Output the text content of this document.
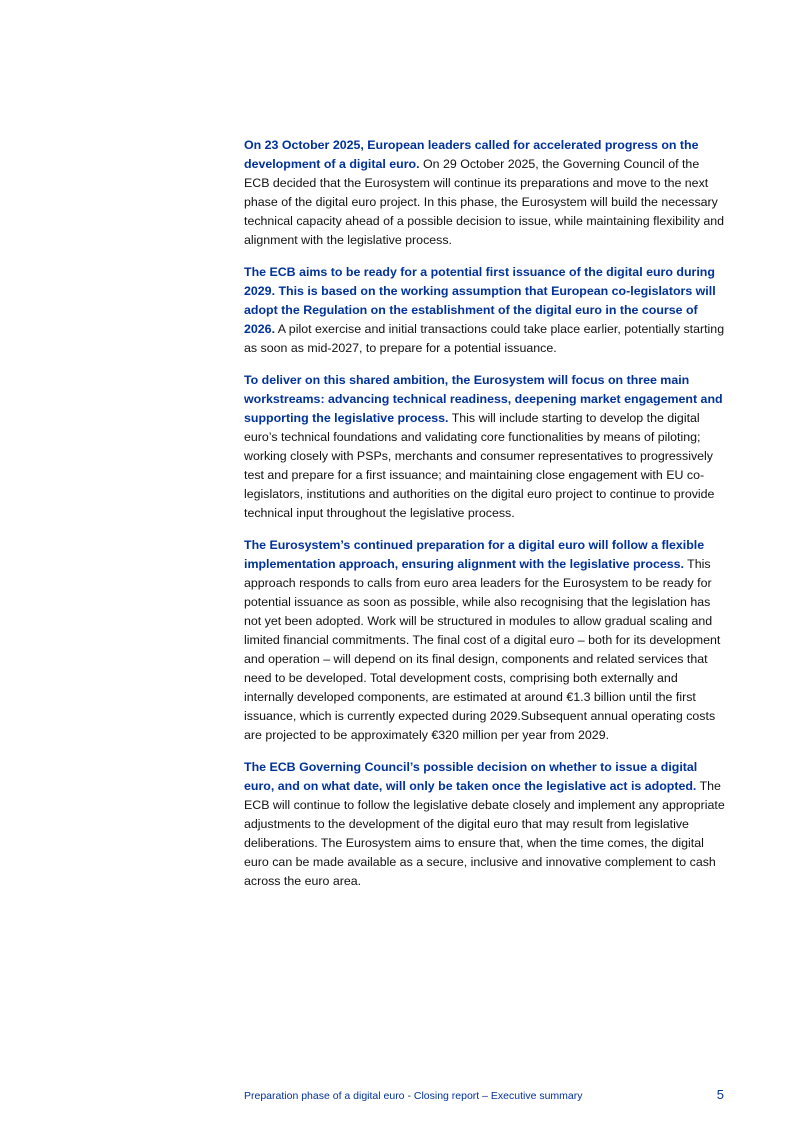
On 23 October 2025, European leaders called for accelerated progress on the development of a digital euro. On 29 October 2025, the Governing Council of the ECB decided that the Eurosystem will continue its preparations and move to the next phase of the digital euro project. In this phase, the Eurosystem will build the necessary technical capacity ahead of a possible decision to issue, while maintaining flexibility and alignment with the legislative process.

The ECB aims to be ready for a potential first issuance of the digital euro during 2029. This is based on the working assumption that European co-legislators will adopt the Regulation on the establishment of the digital euro in the course of 2026. A pilot exercise and initial transactions could take place earlier, potentially starting as soon as mid-2027, to prepare for a potential issuance.

To deliver on this shared ambition, the Eurosystem will focus on three main workstreams: advancing technical readiness, deepening market engagement and supporting the legislative process. This will include starting to develop the digital euro’s technical foundations and validating core functionalities by means of piloting; working closely with PSPs, merchants and consumer representatives to progressively test and prepare for a first issuance; and maintaining close engagement with EU co-legislators, institutions and authorities on the digital euro project to continue to provide technical input throughout the legislative process.

The Eurosystem’s continued preparation for a digital euro will follow a flexible implementation approach, ensuring alignment with the legislative process. This approach responds to calls from euro area leaders for the Eurosystem to be ready for potential issuance as soon as possible, while also recognising that the legislation has not yet been adopted. Work will be structured in modules to allow gradual scaling and limited financial commitments. The final cost of a digital euro – both for its development and operation – will depend on its final design, components and related services that need to be developed. Total development costs, comprising both externally and internally developed components, are estimated at around €1.3 billion until the first issuance, which is currently expected during 2029.Subsequent annual operating costs are projected to be approximately €320 million per year from 2029.

The ECB Governing Council’s possible decision on whether to issue a digital euro, and on what date, will only be taken once the legislative act is adopted. The ECB will continue to follow the legislative debate closely and implement any appropriate adjustments to the development of the digital euro that may result from legislative deliberations. The Eurosystem aims to ensure that, when the time comes, the digital euro can be made available as a secure, inclusive and innovative complement to cash across the euro area.

Preparation phase of a digital euro - Closing report – Executive summary	5
